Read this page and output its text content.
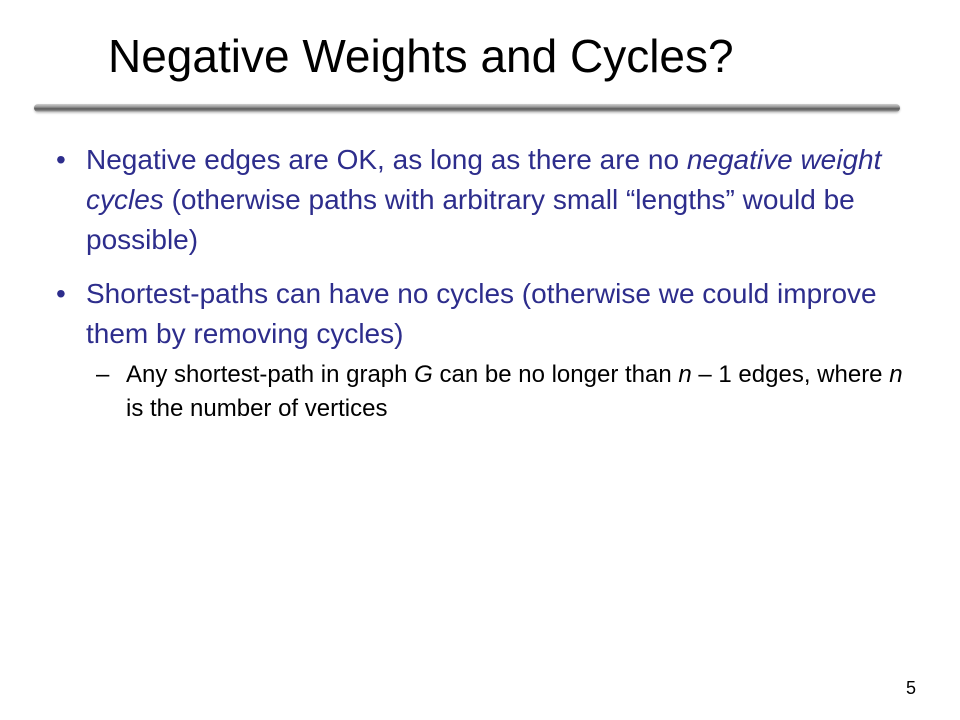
Negative Weights and Cycles?
• Negative edges are OK, as long as there are no negative weight cycles (otherwise paths with arbitrary small “lengths” would be possible)
• Shortest-paths can have no cycles (otherwise we could improve them by removing cycles)
– Any shortest-path in graph G can be no longer than n – 1 edges, where n is the number of vertices
5
